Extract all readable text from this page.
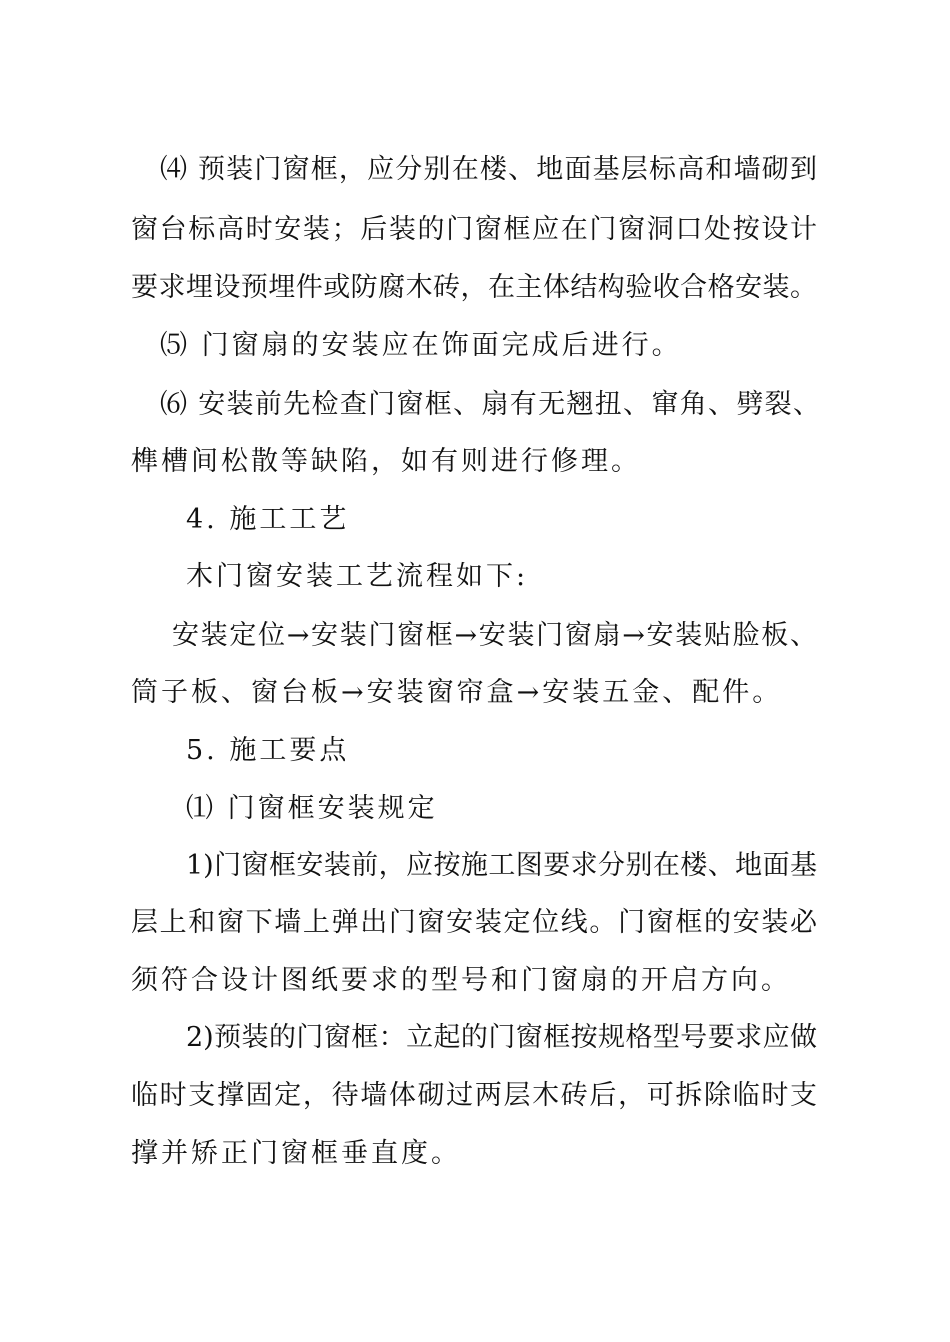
⑷ 预装门窗框，应分别在楼、地面基层标高和墙砌到
窗台标高时安装；后装的门窗框应在门窗洞口处按设计
要求埋设预埋件或防腐木砖，在主体结构验收合格安装。
⑸ 门窗扇的安装应在饰面完成后进行。
⑹ 安装前先检查门窗框、扇有无翘扭、窜角、劈裂、
榫槽间松散等缺陷，如有则进行修理。
4. 施工工艺
木门窗安装工艺流程如下:
安装定位→安装门窗框→安装门窗扇→安装贴脸板、
筒子板、窗台板→安装窗帘盒→安装五金、配件。
5. 施工要点
⑴ 门窗框安装规定
1)门窗框安装前，应按施工图要求分别在楼、地面基
层上和窗下墙上弹出门窗安装定位线。门窗框的安装必
须符合设计图纸要求的型号和门窗扇的开启方向。
2)预装的门窗框：立起的门窗框按规格型号要求应做
临时支撑固定，待墙体砌过两层木砖后，可拆除临时支
撑并矫正门窗框垂直度。
